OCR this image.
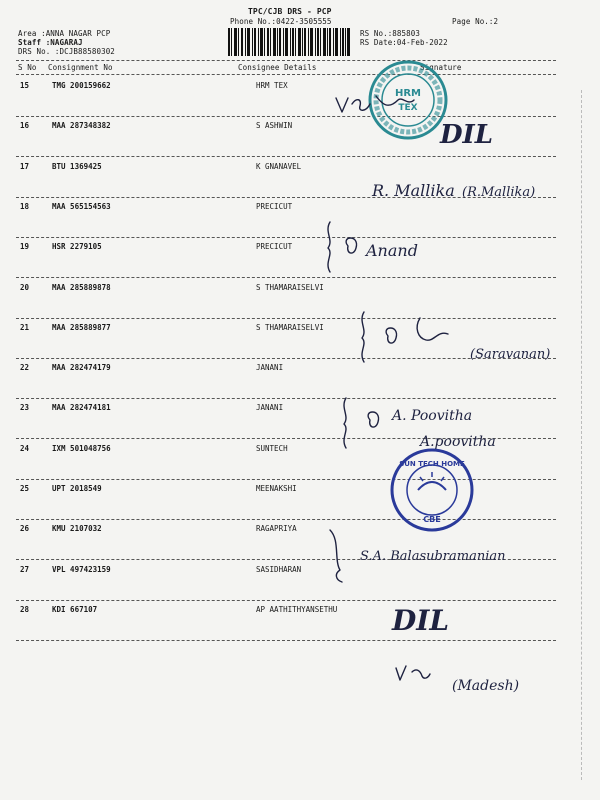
TPC/CJB DRS - PCP
Phone No.:0422-3505555	Page No.:2
Area :ANNA NAGAR PCP
Staff :NAGARAJ
DRS No. :DCJB88580302
RS No.:885803
RS Date:04-Feb-2022
S No Consignment No	Consignee Details	Signature
15	TMG 200159662	HRM TEX
16	MAA 287348382	S ASHWIN
17	BTU 1369425	K GNANAVEL
18	MAA 565154563	PRECICUT
19	HSR 2279105	PRECICUT
20	MAA 285889878	S THAMARAISELVI
21	MAA 285889877	S THAMARAISELVI
22	MAA 282474179	JANANI
23	MAA 282474181	JANANI
24	IXM 501048756	SUNTECH
25	UPT 2018549	MEENAKSHI
26	KMU 2107032	RAGAPRIYA
27	VPL 497423159	SASIDHARAN
28	KDI 667107	AP AATHITHYANSETHU
HRM
TEX
SUN TECH HOME
CBE
DIL
R. Mallika (R.Mallika)
Anand
(Saravanan)
A. Poovitha
A.poovitha
S.A. Balasubramanian
DIL
(Madesh)
